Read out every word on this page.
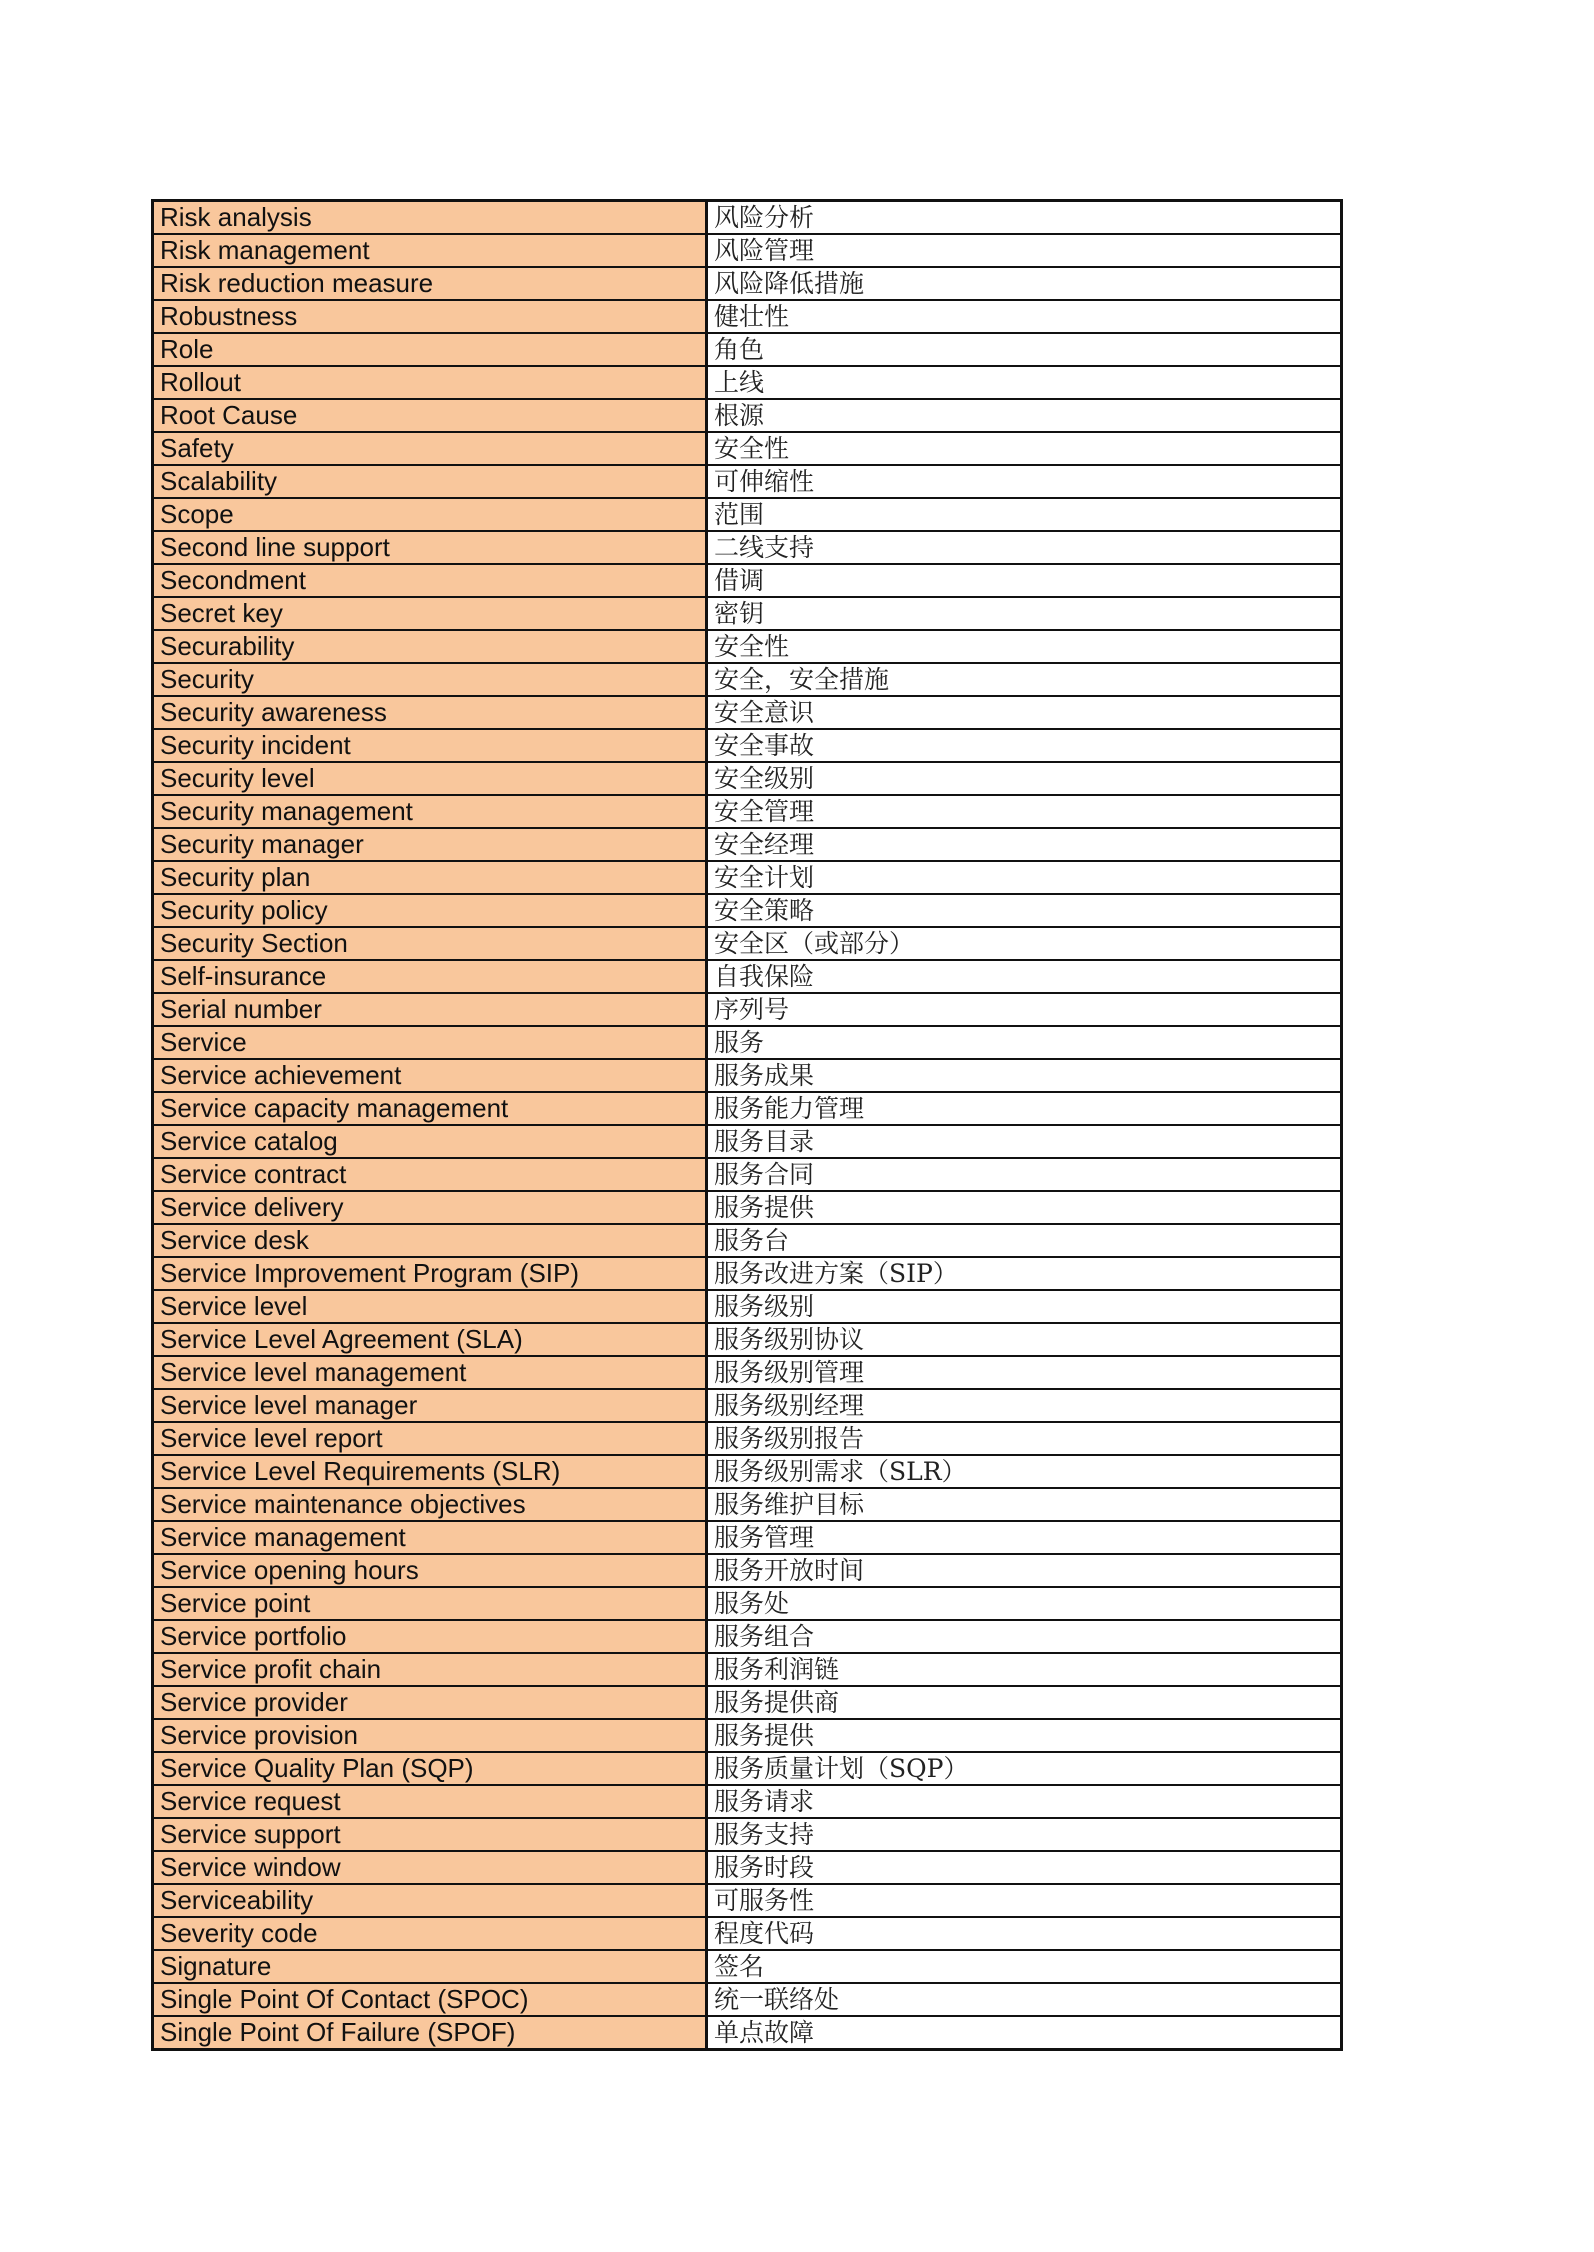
Risk analysis	风险分析
Risk management	风险管理
Risk reduction measure	风险降低措施
Robustness	健壮性
Role	角色
Rollout	上线
Root Cause	根源
Safety	安全性
Scalability	可伸缩性
Scope	范围
Second line support	二线支持
Secondment	借调
Secret key	密钥
Securability	安全性
Security	安全，安全措施
Security awareness	安全意识
Security incident	安全事故
Security level	安全级别
Security management	安全管理
Security manager	安全经理
Security plan	安全计划
Security policy	安全策略
Security Section	安全区（或部分）
Self-insurance	自我保险
Serial number	序列号
Service	服务
Service achievement	服务成果
Service capacity management	服务能力管理
Service catalog	服务目录
Service contract	服务合同
Service delivery	服务提供
Service desk	服务台
Service Improvement Program (SIP)	服务改进方案（SIP）
Service level	服务级别
Service Level Agreement (SLA)	服务级别协议
Service level management	服务级别管理
Service level manager	服务级别经理
Service level report	服务级别报告
Service Level Requirements (SLR)	服务级别需求（SLR）
Service maintenance objectives	服务维护目标
Service management	服务管理
Service opening hours	服务开放时间
Service point	服务处
Service portfolio	服务组合
Service profit chain	服务利润链
Service provider	服务提供商
Service provision	服务提供
Service Quality Plan (SQP)	服务质量计划（SQP）
Service request	服务请求
Service support	服务支持
Service window	服务时段
Serviceability	可服务性
Severity code	程度代码
Signature	签名
Single Point Of Contact (SPOC)	统一联络处
Single Point Of Failure (SPOF)	单点故障
